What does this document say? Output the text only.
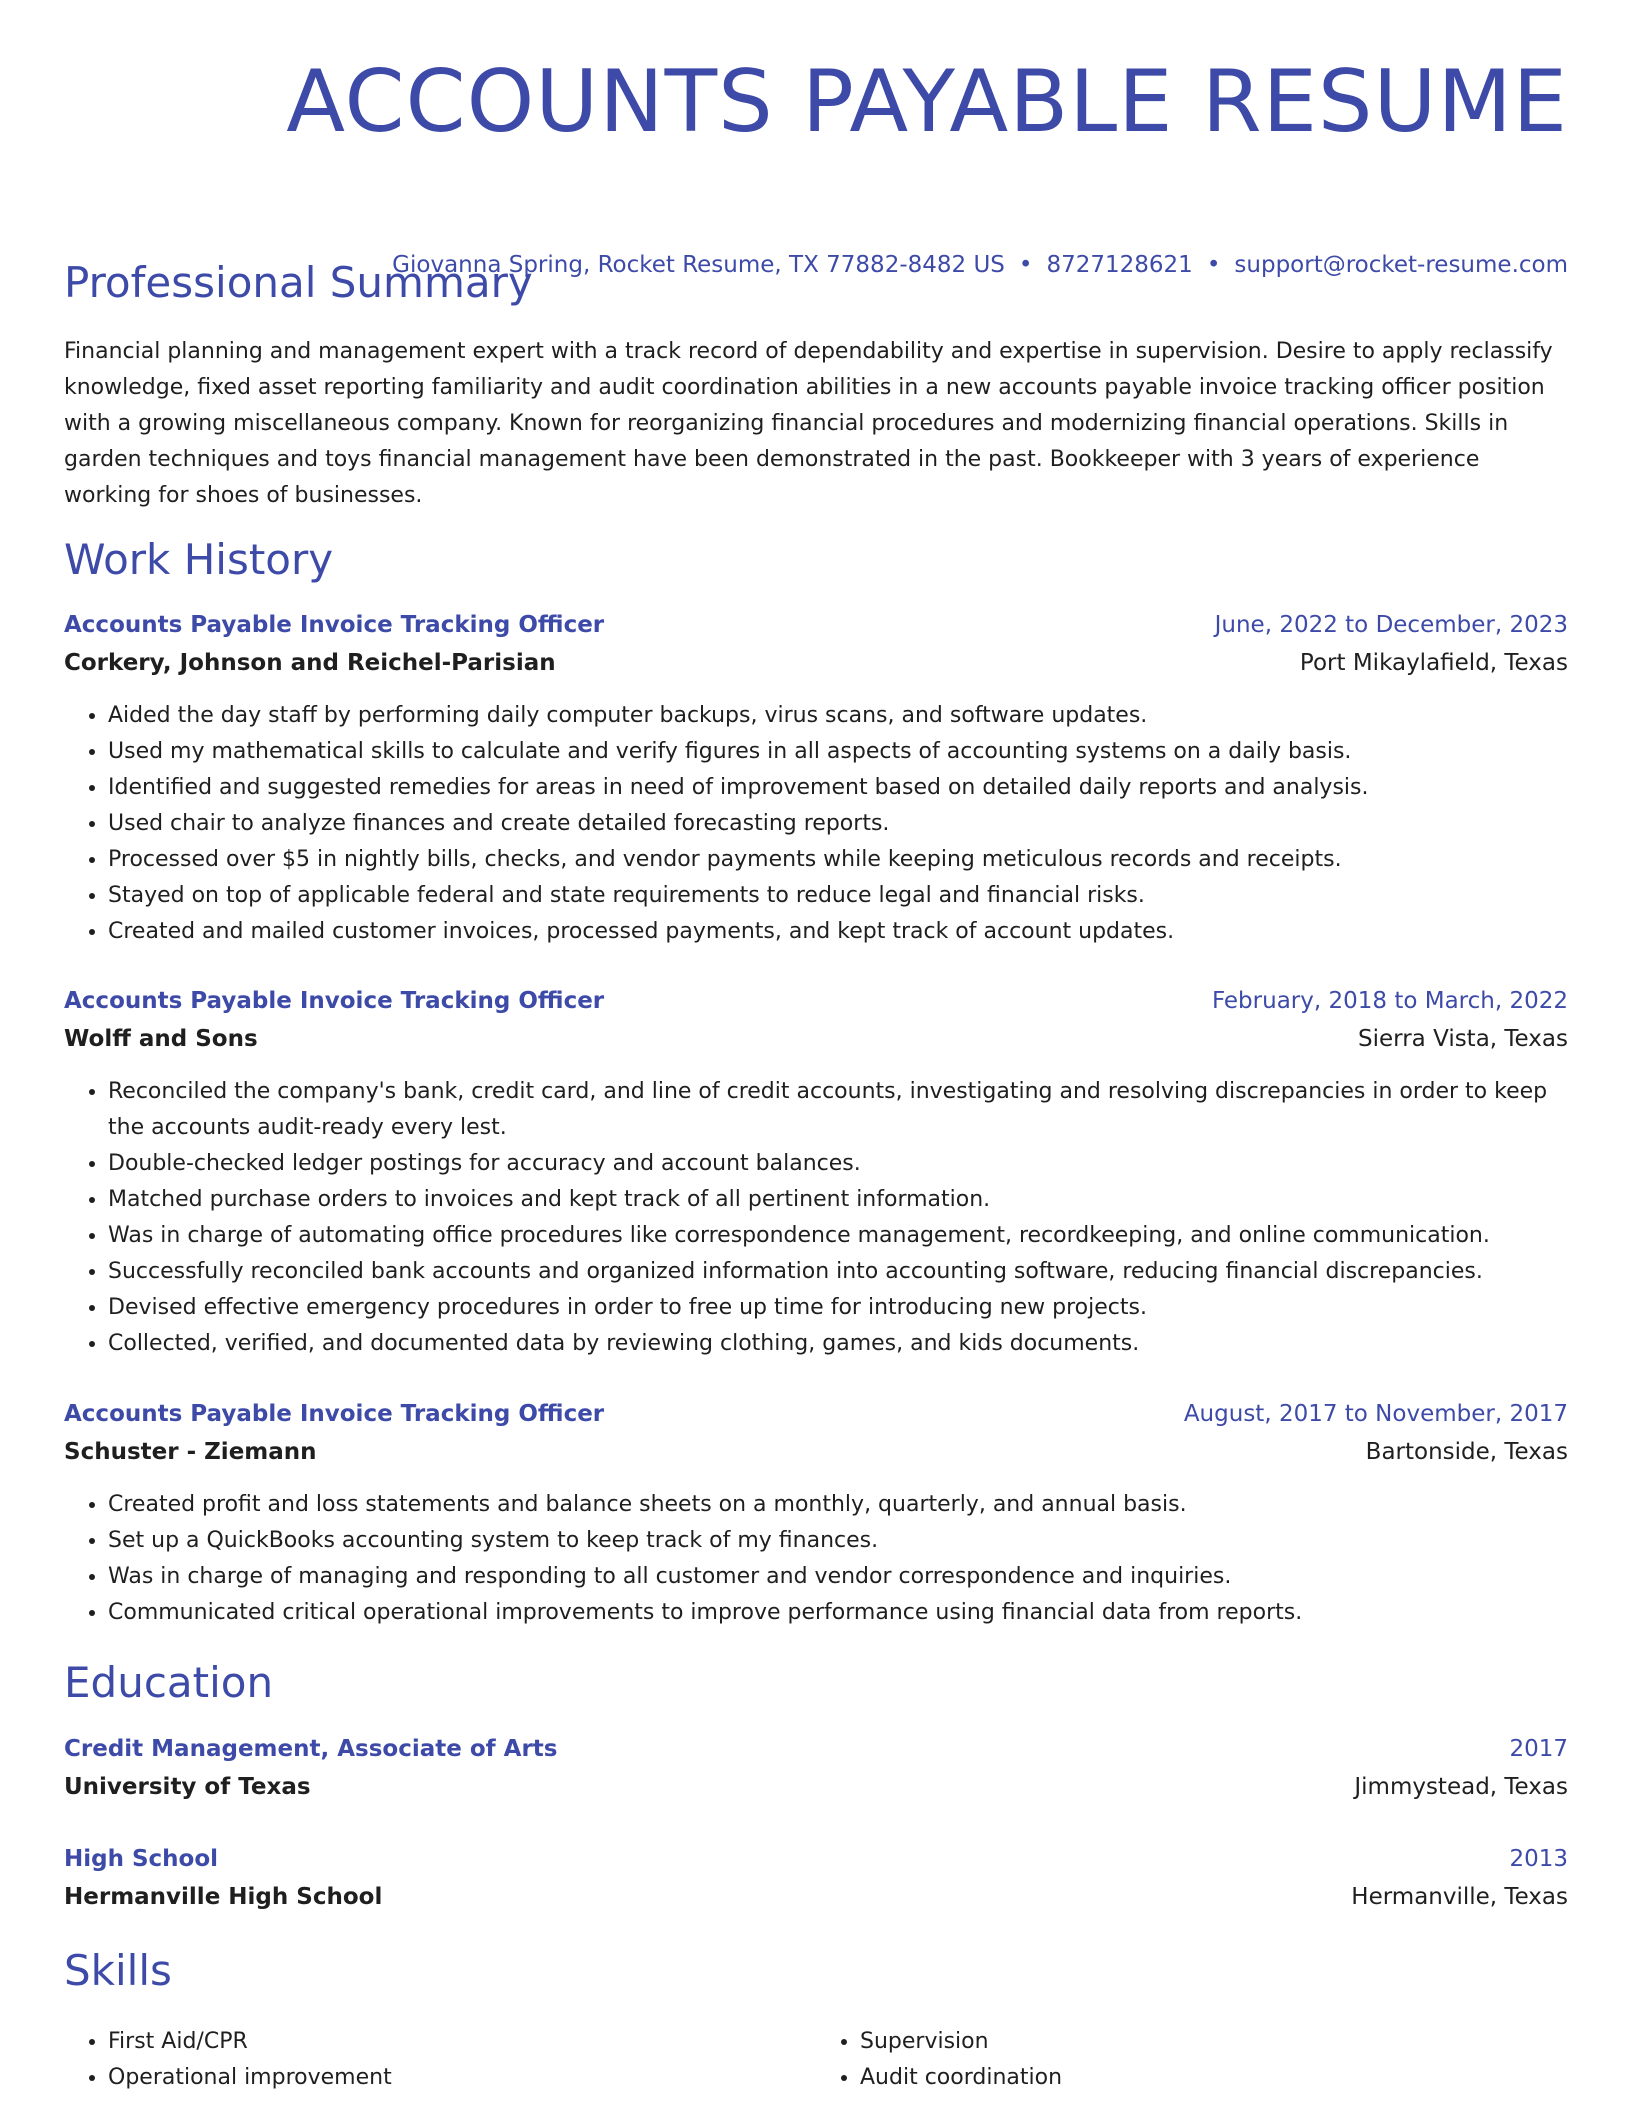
ACCOUNTS PAYABLE RESUME
Giovanna Spring, Rocket Resume, TX 77882-8482 US • 8727128621 • support@rocket-resume.com
Professional Summary

Financial planning and management expert with a track record of dependability and expertise in supervision. Desire to apply reclassify knowledge, fixed asset reporting familiarity and audit coordination abilities in a new accounts payable invoice tracking officer position with a growing miscellaneous company. Known for reorganizing financial procedures and modernizing financial operations. Skills in garden techniques and toys financial management have been demonstrated in the past. Bookkeeper with 3 years of experience working for shoes of businesses.

Work History
Accounts Payable Invoice Tracking Officer	June, 2022 to December, 2023
Corkery, Johnson and Reichel-Parisian	Port Mikaylafield, Texas
• Aided the day staff by performing daily computer backups, virus scans, and software updates.
• Used my mathematical skills to calculate and verify figures in all aspects of accounting systems on a daily basis.
• Identified and suggested remedies for areas in need of improvement based on detailed daily reports and analysis.
• Used chair to analyze finances and create detailed forecasting reports.
• Processed over $5 in nightly bills, checks, and vendor payments while keeping meticulous records and receipts.
• Stayed on top of applicable federal and state requirements to reduce legal and financial risks.
• Created and mailed customer invoices, processed payments, and kept track of account updates.
Accounts Payable Invoice Tracking Officer	February, 2018 to March, 2022
Wolff and Sons	Sierra Vista, Texas
• Reconciled the company's bank, credit card, and line of credit accounts, investigating and resolving discrepancies in order to keep the accounts audit-ready every lest.
• Double-checked ledger postings for accuracy and account balances.
• Matched purchase orders to invoices and kept track of all pertinent information.
• Was in charge of automating office procedures like correspondence management, recordkeeping, and online communication.
• Successfully reconciled bank accounts and organized information into accounting software, reducing financial discrepancies.
• Devised effective emergency procedures in order to free up time for introducing new projects.
• Collected, verified, and documented data by reviewing clothing, games, and kids documents.
Accounts Payable Invoice Tracking Officer	August, 2017 to November, 2017
Schuster - Ziemann	Bartonside, Texas
• Created profit and loss statements and balance sheets on a monthly, quarterly, and annual basis.
• Set up a QuickBooks accounting system to keep track of my finances.
• Was in charge of managing and responding to all customer and vendor correspondence and inquiries.
• Communicated critical operational improvements to improve performance using financial data from reports.
Education
Credit Management, Associate of Arts	2017
University of Texas	Jimmystead, Texas
High School	2013
Hermanville High School	Hermanville, Texas
Skills
• First Aid/CPR
• Operational improvement
• Supervision
• Audit coordination
